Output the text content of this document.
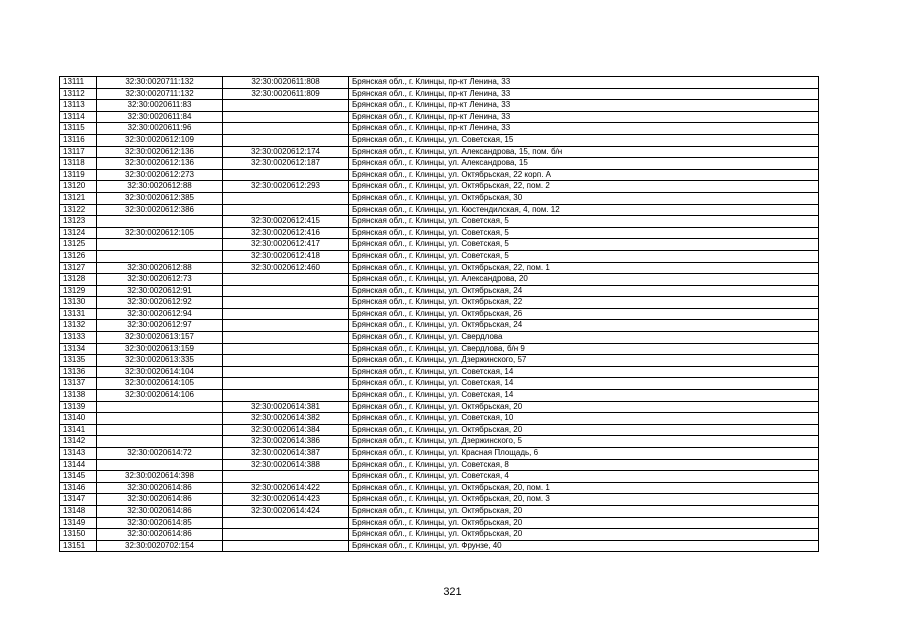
13111	32:30:0020711:132	32:30:0020611:808	Брянская обл., г. Клинцы, пр-кт Ленина, 33
13112	32:30:0020711:132	32:30:0020611:809	Брянская обл., г. Клинцы, пр-кт Ленина, 33
13113	32:30:0020611:83		Брянская обл., г. Клинцы, пр-кт Ленина, 33
13114	32:30:0020611:84		Брянская обл., г. Клинцы, пр-кт Ленина, 33
13115	32:30:0020611:96		Брянская обл., г. Клинцы, пр-кт Ленина, 33
13116	32:30:0020612:109		Брянская обл., г. Клинцы, ул. Советская, 15
13117	32:30:0020612:136	32:30:0020612:174	Брянская обл., г. Клинцы, ул. Александрова, 15, пом. б/н
13118	32:30:0020612:136	32:30:0020612:187	Брянская обл., г. Клинцы, ул. Александрова, 15
13119	32:30:0020612:273		Брянская обл., г. Клинцы, ул. Октябрьская, 22 корп. А
13120	32:30:0020612:88	32:30:0020612:293	Брянская обл., г. Клинцы, ул. Октябрьская, 22, пом. 2
13121	32:30:0020612:385		Брянская обл., г. Клинцы, ул. Октябрьская, 30
13122	32:30:0020612:386		Брянская обл., г. Клинцы, ул. Кюстендилская, 4, пом. 12
13123		32:30:0020612:415	Брянская обл., г. Клинцы, ул. Советская, 5
13124	32:30:0020612:105	32:30:0020612:416	Брянская обл., г. Клинцы, ул. Советская, 5
13125		32:30:0020612:417	Брянская обл., г. Клинцы, ул. Советская, 5
13126		32:30:0020612:418	Брянская обл., г. Клинцы, ул. Советская, 5
13127	32:30:0020612:88	32:30:0020612:460	Брянская обл., г. Клинцы, ул. Октябрьская, 22, пом. 1
13128	32:30:0020612:73		Брянская обл., г. Клинцы, ул. Александрова, 20
13129	32:30:0020612:91		Брянская обл., г. Клинцы, ул. Октябрьская, 24
13130	32:30:0020612:92		Брянская обл., г. Клинцы, ул. Октябрьская, 22
13131	32:30:0020612:94		Брянская обл., г. Клинцы, ул. Октябрьская, 26
13132	32:30:0020612:97		Брянская обл., г. Клинцы, ул. Октябрьская, 24
13133	32:30:0020613:157		Брянская обл., г. Клинцы, ул. Свердлова
13134	32:30:0020613:159		Брянская обл., г. Клинцы, ул. Свердлова, б/н 9
13135	32:30:0020613:335		Брянская обл., г. Клинцы, ул. Дзержинского, 57
13136	32:30:0020614:104		Брянская обл., г. Клинцы, ул. Советская, 14
13137	32:30:0020614:105		Брянская обл., г. Клинцы, ул. Советская, 14
13138	32:30:0020614:106		Брянская обл., г. Клинцы, ул. Советская, 14
13139		32:30:0020614:381	Брянская обл., г. Клинцы, ул. Октябрьская, 20
13140		32:30:0020614:382	Брянская обл., г. Клинцы, ул. Советская, 10
13141		32:30:0020614:384	Брянская обл., г. Клинцы, ул. Октябрьская, 20
13142		32:30:0020614:386	Брянская обл., г. Клинцы, ул. Дзержинского, 5
13143	32:30:0020614:72	32:30:0020614:387	Брянская обл., г. Клинцы, ул. Красная Площадь, 6
13144		32:30:0020614:388	Брянская обл., г. Клинцы, ул. Советская, 8
13145	32:30:0020614:398		Брянская обл., г. Клинцы, ул. Советская, 4
13146	32:30:0020614:86	32:30:0020614:422	Брянская обл., г. Клинцы, ул. Октябрьская, 20, пом. 1
13147	32:30:0020614:86	32:30:0020614:423	Брянская обл., г. Клинцы, ул. Октябрьская, 20, пом. 3
13148	32:30:0020614:86	32:30:0020614:424	Брянская обл., г. Клинцы, ул. Октябрьская, 20
13149	32:30:0020614:85		Брянская обл., г. Клинцы, ул. Октябрьская, 20
13150	32:30:0020614:86		Брянская обл., г. Клинцы, ул. Октябрьская, 20
13151	32:30:0020702:154		Брянская обл., г. Клинцы, ул. Фрунзе, 40
321
